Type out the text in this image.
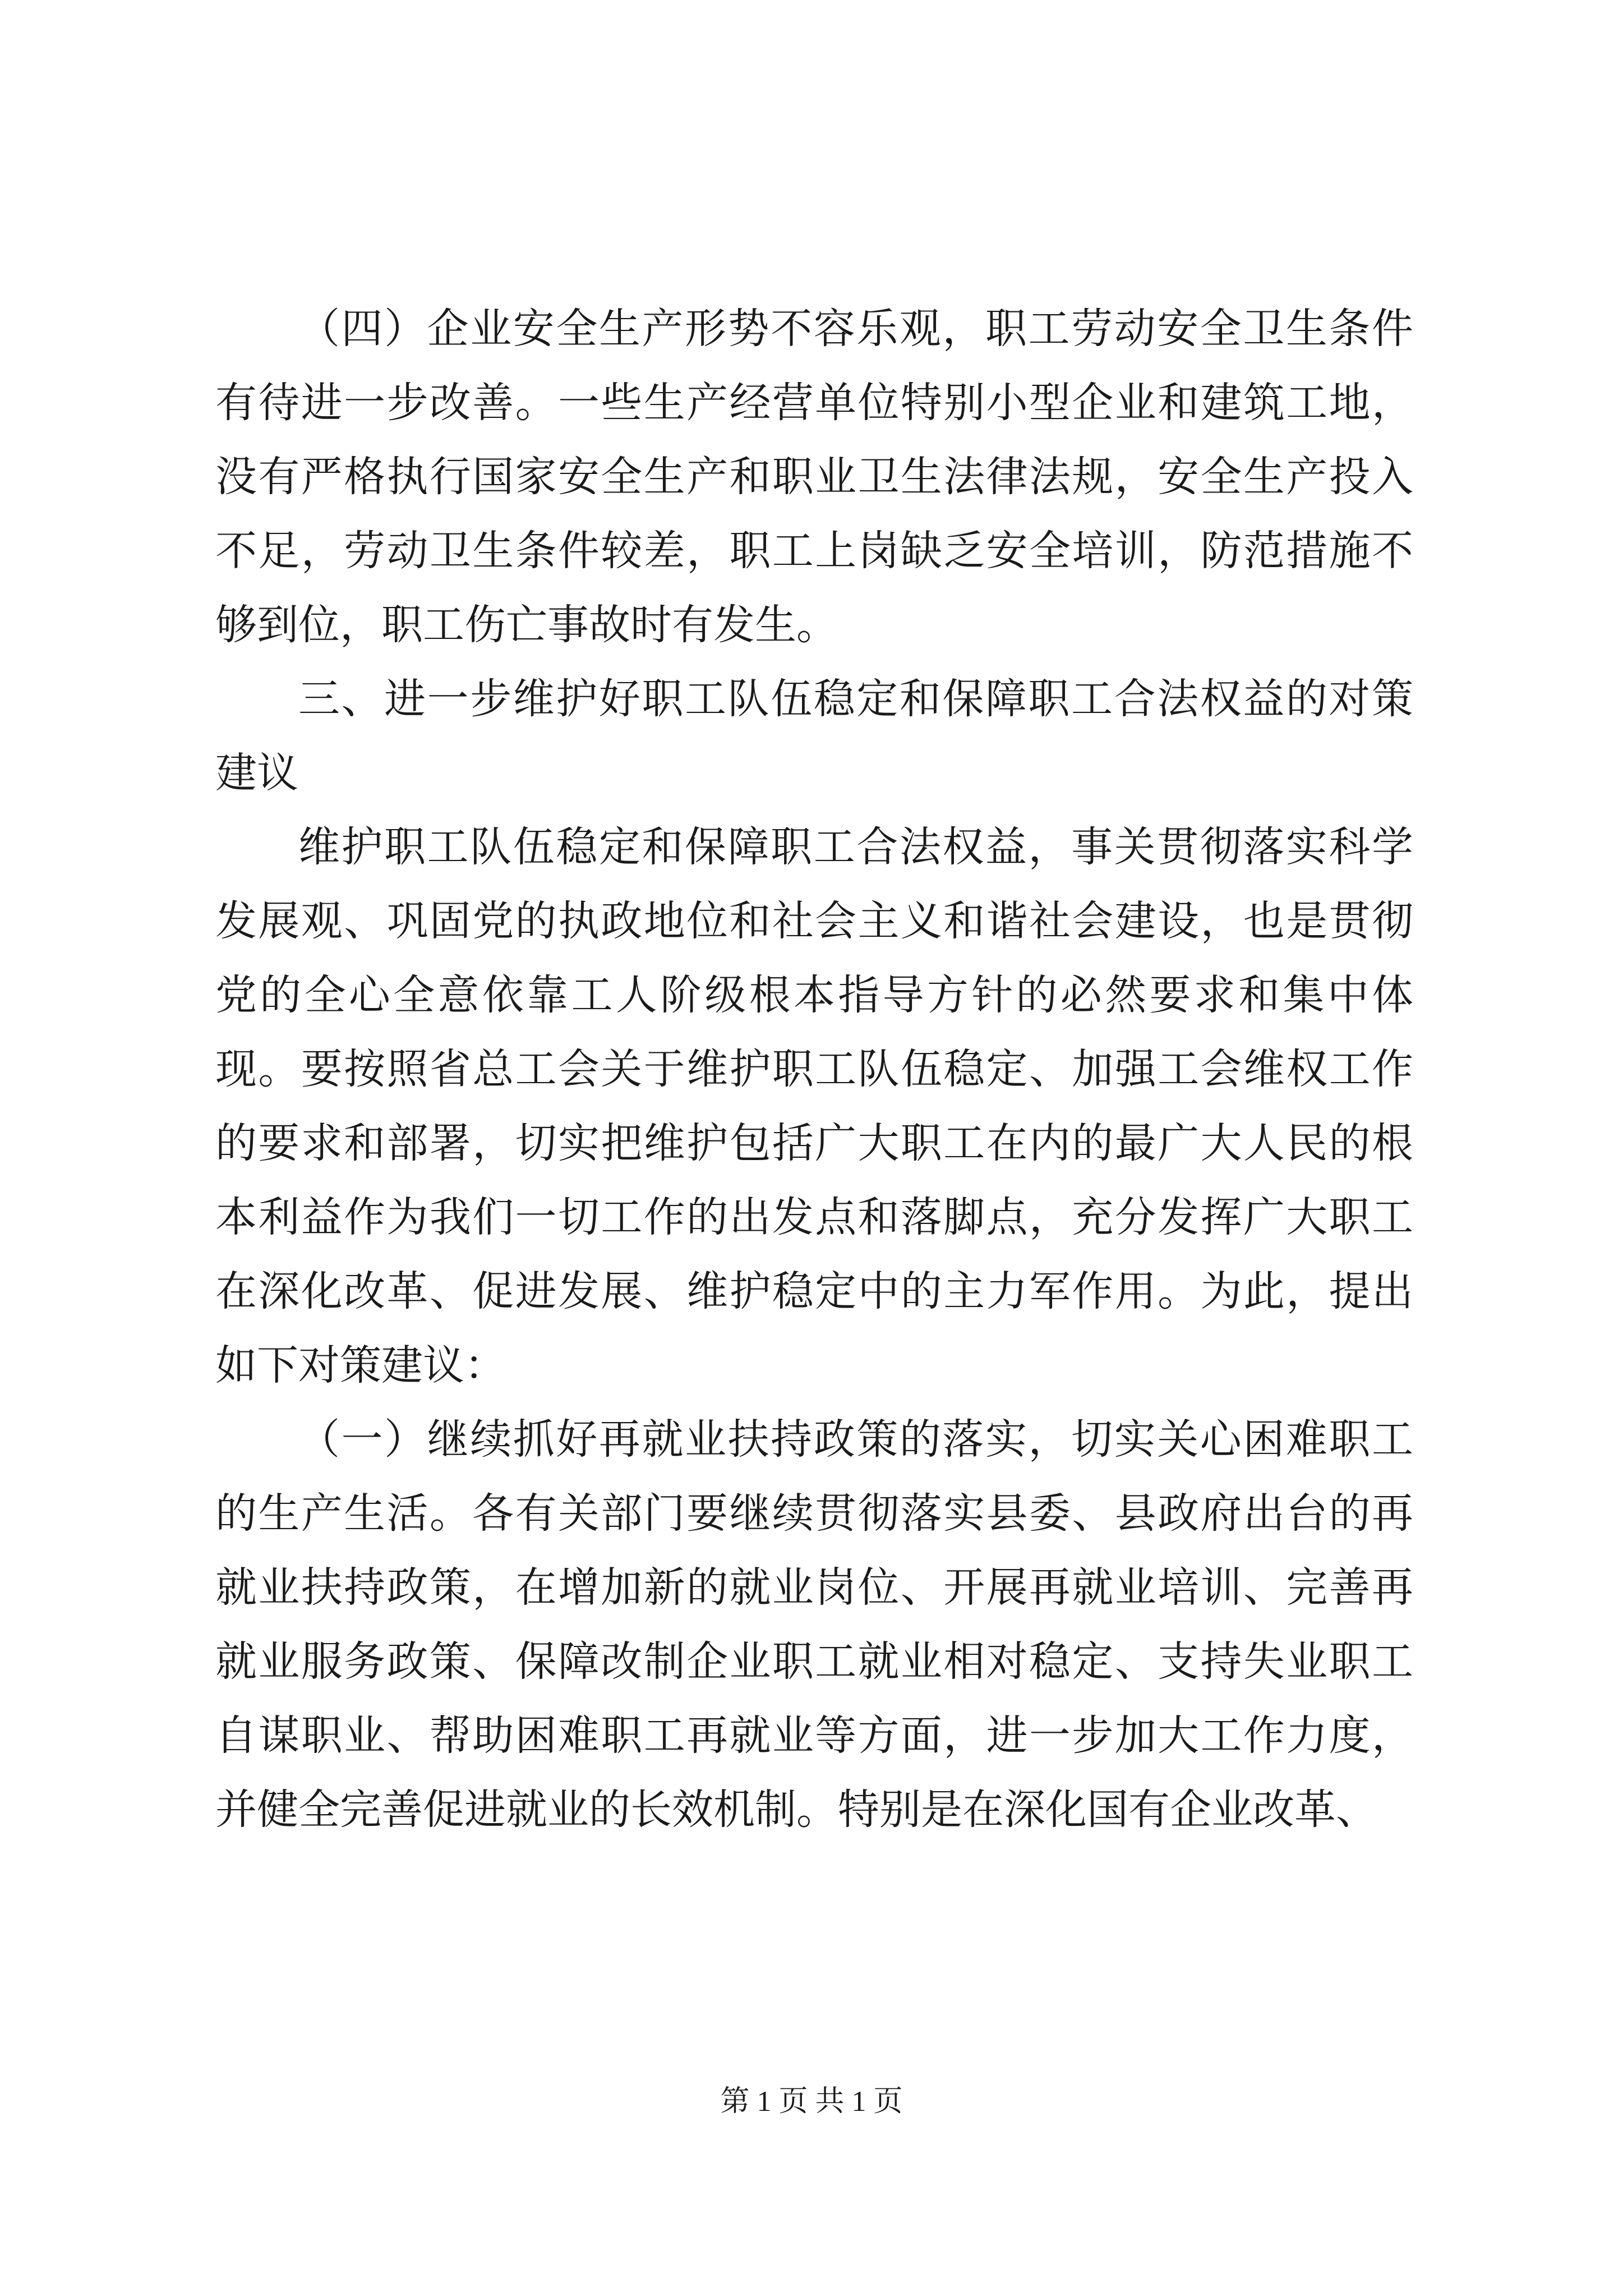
（四）企业安全生产形势不容乐观，职工劳动安全卫生条件有待进一步改善。一些生产经营单位特别小型企业和建筑工地，没有严格执行国家安全生产和职业卫生法律法规，安全生产投入不足，劳动卫生条件较差，职工上岗缺乏安全培训，防范措施不够到位，职工伤亡事故时有发生。

三、进一步维护好职工队伍稳定和保障职工合法权益的对策建议

维护职工队伍稳定和保障职工合法权益，事关贯彻落实科学发展观、巩固党的执政地位和社会主义和谐社会建设，也是贯彻党的全心全意依靠工人阶级根本指导方针的必然要求和集中体现。要按照省总工会关于维护职工队伍稳定、加强工会维权工作的要求和部署，切实把维护包括广大职工在内的最广大人民的根本利益作为我们一切工作的出发点和落脚点，充分发挥广大职工在深化改革、促进发展、维护稳定中的主力军作用。为此，提出如下对策建议：

（一）继续抓好再就业扶持政策的落实，切实关心困难职工的生产生活。各有关部门要继续贯彻落实县委、县政府出台的再就业扶持政策，在增加新的就业岗位、开展再就业培训、完善再就业服务政策、保障改制企业职工就业相对稳定、支持失业职工自谋职业、帮助困难职工再就业等方面，进一步加大工作力度，并健全完善促进就业的长效机制。特别是在深化国有企业改革、

第 1 页 共 1 页
